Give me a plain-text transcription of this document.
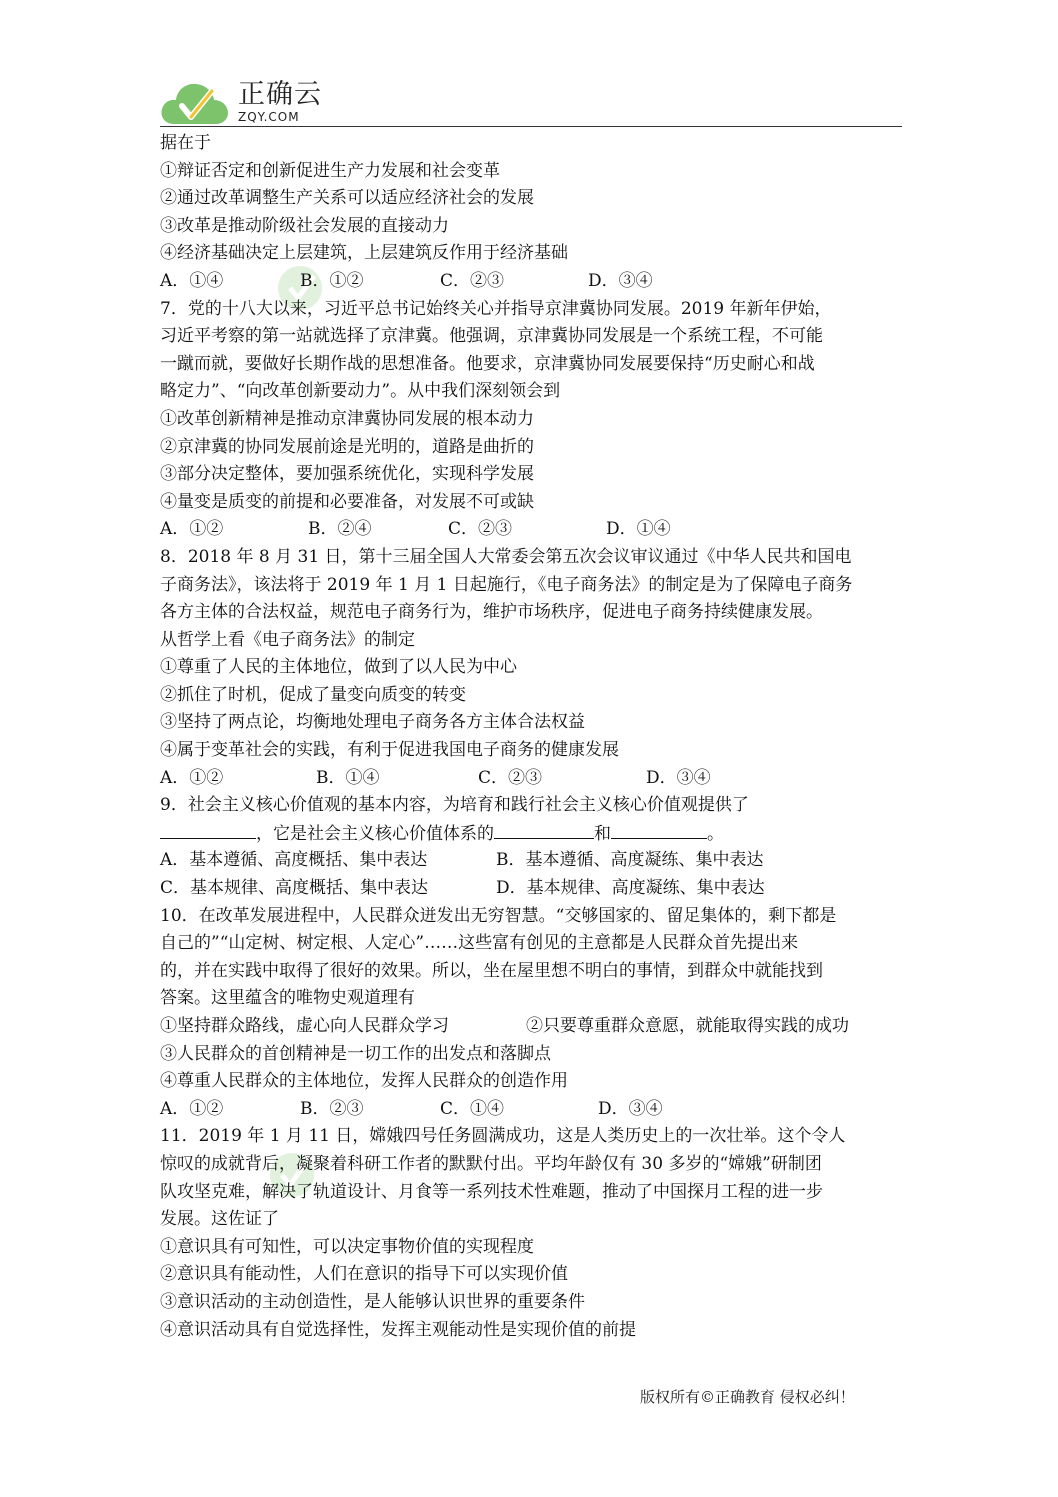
正确云
ZQY.COM
据在于
①辩证否定和创新促进生产力发展和社会变革
②通过改革调整生产关系可以适应经济社会的发展
③改革是推动阶级社会发展的直接动力
④经济基础决定上层建筑，上层建筑反作用于经济基础
A．①④	B．①②	C．②③	D．③④
7．党的十八大以来，习近平总书记始终关心并指导京津冀协同发展。2019 年新年伊始，
习近平考察的第一站就选择了京津冀。他强调，京津冀协同发展是一个系统工程，不可能
一蹴而就，要做好长期作战的思想准备。他要求，京津冀协同发展要保持“历史耐心和战
略定力”、“向改革创新要动力”。从中我们深刻领会到
①改革创新精神是推动京津冀协同发展的根本动力
②京津冀的协同发展前途是光明的，道路是曲折的
③部分决定整体，要加强系统优化，实现科学发展
④量变是质变的前提和必要准备，对发展不可或缺
A．①②	B．②④	C．②③	D．①④
8．2018 年 8 月 31 日，第十三届全国人大常委会第五次会议审议通过《中华人民共和国电
子商务法》，该法将于 2019 年 1 月 1 日起施行，《电子商务法》的制定是为了保障电子商务
各方主体的合法权益，规范电子商务行为，维护市场秩序，促进电子商务持续健康发展。
从哲学上看《电子商务法》的制定
①尊重了人民的主体地位，做到了以人民为中心
②抓住了时机，促成了量变向质变的转变
③坚持了两点论，均衡地处理电子商务各方主体合法权益
④属于变革社会的实践，有利于促进我国电子商务的健康发展
A．①②	B．①④	C．②③	D．③④
9．社会主义核心价值观的基本内容，为培育和践行社会主义核心价值观提供了
，它是社会主义核心价值体系的	和	。
A．基本遵循、高度概括、集中表达	B．基本遵循、高度凝练、集中表达
C．基本规律、高度概括、集中表达	D．基本规律、高度凝练、集中表达
10．在改革发展进程中，人民群众迸发出无穷智慧。“交够国家的、留足集体的，剩下都是
自己的”“山定树、树定根、人定心”……这些富有创见的主意都是人民群众首先提出来
的，并在实践中取得了很好的效果。所以，坐在屋里想不明白的事情，到群众中就能找到
答案。这里蕴含的唯物史观道理有
①坚持群众路线，虚心向人民群众学习	②只要尊重群众意愿，就能取得实践的成功
③人民群众的首创精神是一切工作的出发点和落脚点
④尊重人民群众的主体地位，发挥人民群众的创造作用
A．①②	B．②③	C．①④	D．③④
11．2019 年 1 月 11 日，嫦娥四号任务圆满成功，这是人类历史上的一次壮举。这个令人
惊叹的成就背后，凝聚着科研工作者的默默付出。平均年龄仅有 30 多岁的“嫦娥”研制团
队攻坚克难，解决了轨道设计、月食等一系列技术性难题，推动了中国探月工程的进一步
发展。这佐证了
①意识具有可知性，可以决定事物价值的实现程度
②意识具有能动性，人们在意识的指导下可以实现价值
③意识活动的主动创造性，是人能够认识世界的重要条件
④意识活动具有自觉选择性，发挥主观能动性是实现价值的前提
版权所有©正确教育 侵权必纠！
